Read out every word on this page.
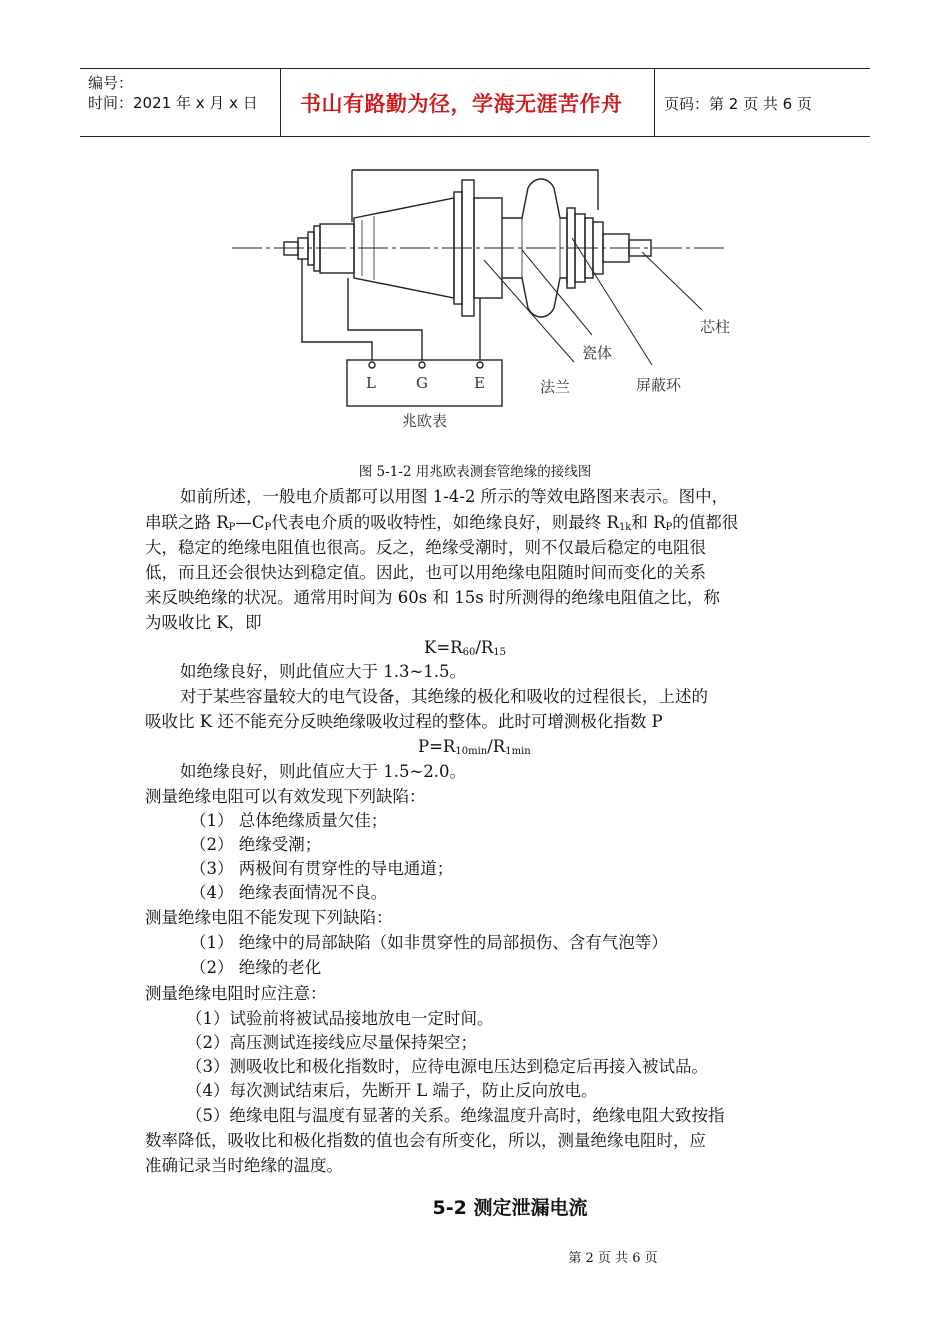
编号：
时间：2021 年 x 月 x 日 书山有路勤为径，学海无涯苦作舟	页码：第 2 页 共 6 页
L	G	E
兆欧表
芯柱
瓷体
法兰	屏蔽环
图 5-1-2 用兆欧表测套管绝缘的接线图
如前所述，一般电介质都可以用图 1-4-2 所示的等效电路图来表示。图中，
串联之路 $R_P—C_P$代表电介质的吸收特性，如绝缘良好，则最终 $R_{1k}$和 $R_P$的值都很
大，稳定的绝缘电阻值也很高。反之，绝缘受潮时，则不仅最后稳定的电阻很
低，而且还会很快达到稳定值。因此，也可以用绝缘电阻随时间而变化的关系
来反映绝缘的状况。通常用时间为 60s 和 15s 时所测得的绝缘电阻值之比，称
为吸收比 K，即
$K=R_{60}/R_{15}$
如绝缘良好，则此值应大于 1.3~1.5。
对于某些容量较大的电气设备，其绝缘的极化和吸收的过程很长，上述的
吸收比 K 还不能充分反映绝缘吸收过程的整体。此时可增测极化指数 P
$P=R_{10min}/R_{1min}$
如绝缘良好，则此值应大于 1.5~2.0。
测量绝缘电阻可以有效发现下列缺陷：
（1） 总体绝缘质量欠佳；
（2） 绝缘受潮；
（3） 两极间有贯穿性的导电通道；
（4） 绝缘表面情况不良。
测量绝缘电阻不能发现下列缺陷：
（1） 绝缘中的局部缺陷（如非贯穿性的局部损伤、含有气泡等）
（2） 绝缘的老化
测量绝缘电阻时应注意：
（1）试验前将被试品接地放电一定时间。
（2）高压测试连接线应尽量保持架空；
（3）测吸收比和极化指数时，应待电源电压达到稳定后再接入被试品。
（4）每次测试结束后，先断开 L 端子，防止反向放电。
（5）绝缘电阻与温度有显著的关系。绝缘温度升高时，绝缘电阻大致按指
数率降低，吸收比和极化指数的值也会有所变化，所以，测量绝缘电阻时，应
准确记录当时绝缘的温度。
5-2 测定泄漏电流
第 2 页 共 6 页
